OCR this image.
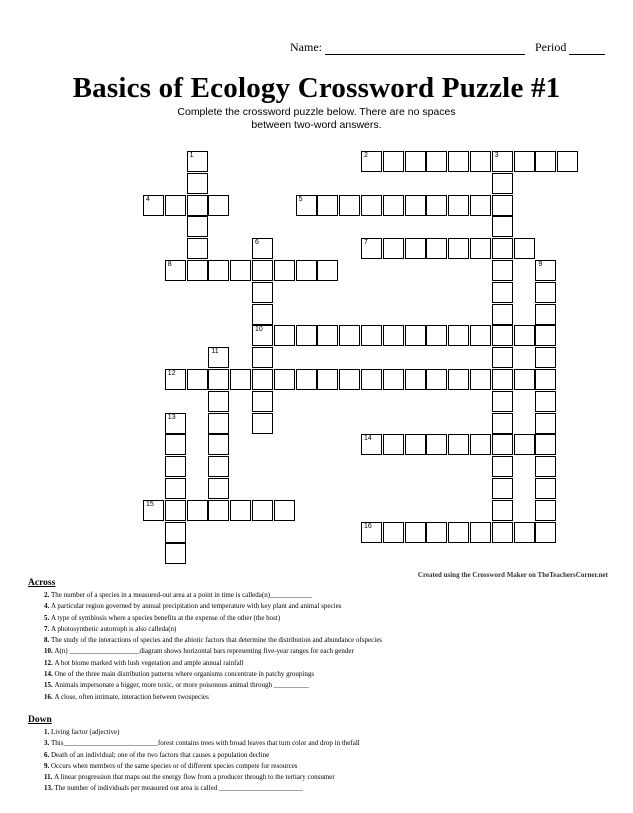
Name:	Period
Basics of Ecology Crossword Puzzle #1
Complete the crossword puzzle below. There are no spaces
between two-word answers.
1	2	3
4	5
6
10
7
8	9
11
12
13
14
15
16
Created using the Crossword Maker on TheTeachersCorner.net
Across
2. The number of a species in a measured-out area at a point in time is calleda(n)____________
4. A particular region governed by annual precipitation and temperature with key plant and animal species
5. A type of symbiosis where a species benefits at the expense of the other (the host)
7. A photosynthetic autotroph is also calleda(n)
8. The study of the interactions of species and the abiotic factors that determine the distribution and abundance ofspecies
10. A(n) ____________________diagram shows horizontal bars representing five-year ranges for each gender
12. A hot biome marked with lush vegetation and ample annual rainfall
14. One of the three main distribution patterns where organisms concentrate in patchy groupings
15. Animals impersonate a bigger, more toxic, or more poisonous animal through __________
16. A close, often intimate, interaction between twospecies
Down
1. Living factor (adjective)
3. This___________________________forest contains trees with broad leaves that turn color and drop in thefall
6. Death of an individual; one of the two factors that causes a population decline
9. Occurs when members of the same species or of different species compete for resources
11. A linear progression that maps out the energy flow from a producer through to the tertiary consumer
13. The number of individuals per measured out area is called ________________________
